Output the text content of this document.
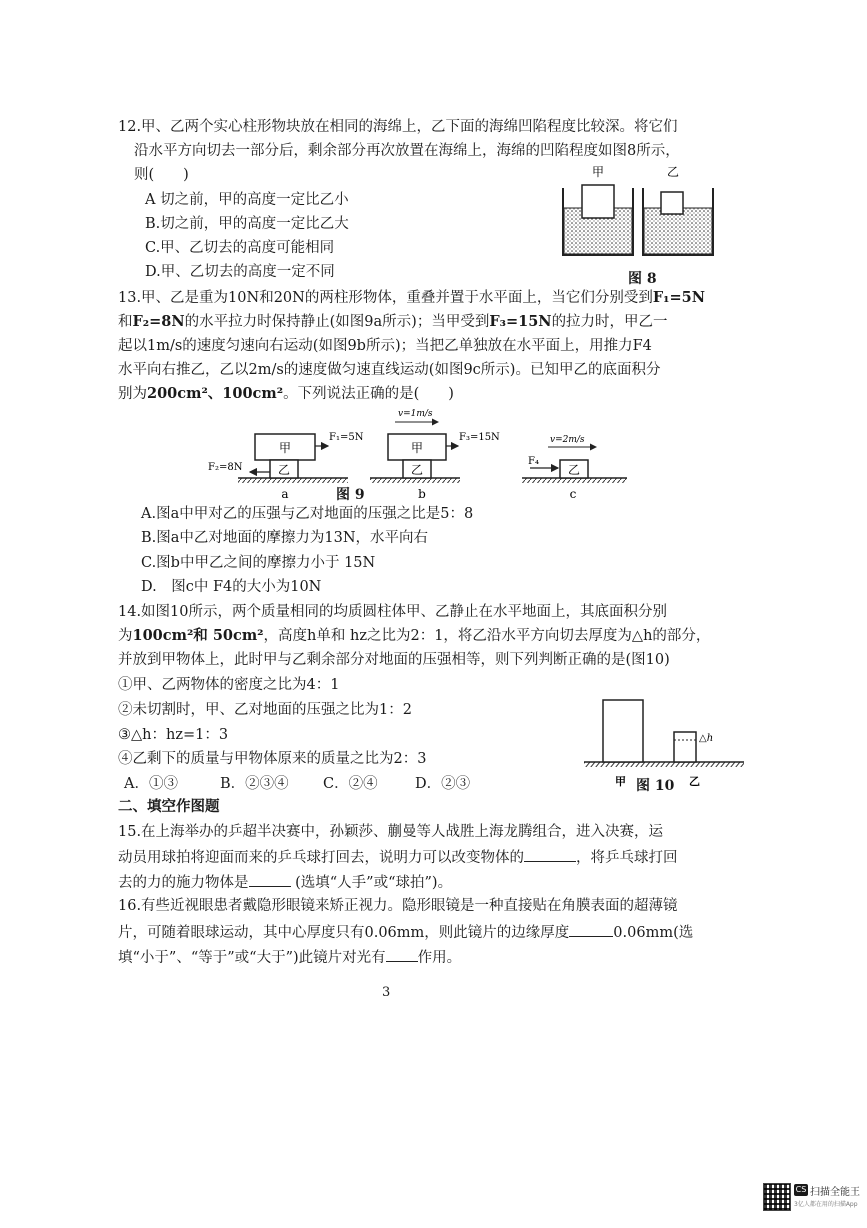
12.甲、乙两个实心柱形物块放在相同的海绵上，乙下面的海绵凹陷程度比较深。将它们
沿水平方向切去一部分后，剩余部分再次放置在海绵上，海绵的凹陷程度如图8所示，
则(　　)
A 切之前，甲的高度一定比乙小
B.切之前，甲的高度一定比乙大
C.甲、乙切去的高度可能相同
D.甲、乙切去的高度一定不同
甲	乙
图 8
13.甲、乙是重为10N和20N的两柱形物体，重叠并置于水平面上，当它们分别受到F₁=5N
和F₂=8N的水平拉力时保持静止(如图9a所示)；当甲受到F₃=15N的拉力时，甲乙一
起以1m/s的速度匀速向右运动(如图9b所示)；当把乙单独放在水平面上，用推力F4
水平向右推乙，乙以2m/s的速度做匀速直线运动(如图9c所示)。已知甲乙的底面积分
别为200cm²、100cm²。下列说法正确的是(　　)
甲
乙
F₁=5N
F₂=8N
a
甲
乙
v=1m/s
F₃=15N
b
乙
v=2m/s
F₄
c
图 9
A.图a中甲对乙的压强与乙对地面的压强之比是5：8
B.图a中乙对地面的摩擦力为13N，水平向右
C.图b中甲乙之间的摩擦力小于 15N
D.　图c中 F4的大小为10N
14.如图10所示，两个质量相同的均质圆柱体甲、乙静止在水平地面上，其底面积分别
为100cm²和 50cm²，高度h单和 hz之比为2：1，将乙沿水平方向切去厚度为△h的部分，
并放到甲物体上，此时甲与乙剩余部分对地面的压强相等，则下列判断正确的是(图10)
①甲、乙两物体的密度之比为4：1
②未切割时，甲、乙对地面的压强之比为1：2
③△h：hz=1：3
④乙剩下的质量与甲物体原来的质量之比为2：3
A．①③	B．②③④ C．②④	D．②③
△h
甲	乙
图 10
二、填空作图题
15.在上海举办的乒超半决赛中，孙颖莎、蒯曼等人战胜上海龙腾组合，进入决赛，运
动员用球拍将迎面而来的乒乓球打回去，说明力可以改变物体的	，将乒乓球打回
去的力的施力物体是	(选填“人手”或“球拍”)。
16.有些近视眼患者戴隐形眼镜来矫正视力。隐形眼镜是一种直接贴在角膜表面的超薄镜
片，可随着眼球运动，其中心厚度只有0.06mm，则此镜片的边缘厚度	0.06mm(选
填“小于”、“等于”或“大于”)此镜片对光有 作用。
3
CS 扫描全能王
3亿人都在用的扫描App
